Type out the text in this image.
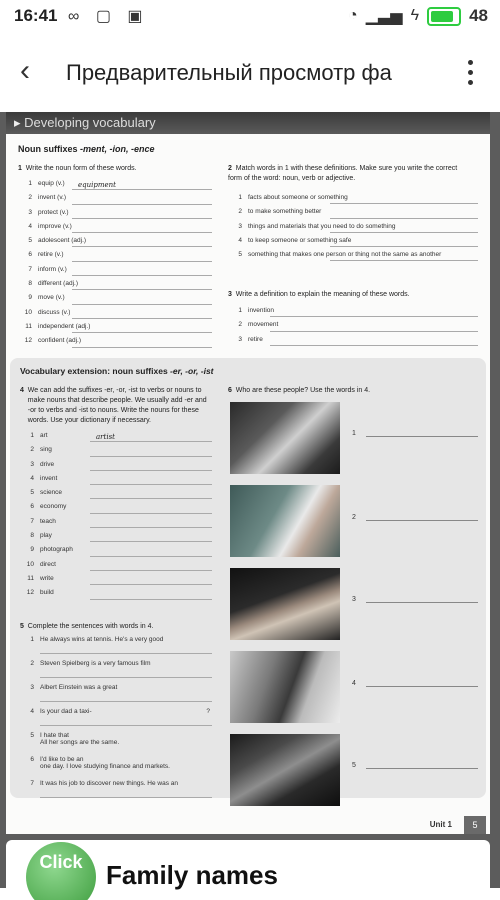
16:41 ∞ ▢ ▣	◔ ▁▃▅ ϟ	48
‹ Предварительный просмотр фа
▸ Developing vocabulary
Noun suffixes -ment, -ion, -ence
1 Write the noun form of these words.
1 equip (v.) equipment
2 invent (v.)
3 protect (v.)
4 improve (v.)
5 adolescent (adj.)
6 retire (v.)
7 inform (v.)
8 different (adj.)
9 move (v.)
10 discuss (v.)
11 independent (adj.)
12 confident (adj.)
2 Match words in 1 with these definitions. Make sure you write the correct form of the word: noun, verb or adjective.
1 facts about someone or something
2 to make something better
3 things and materials that you need to do something
4 to keep someone or something safe
5 something that makes one person or thing not the same as another
3 Write a definition to explain the meaning of these words.
1 invention
2 movement
3 retire
Vocabulary extension: noun suffixes -er, -or, -ist
4 We can add the suffixes -er, -or, -ist to verbs or nouns to make nouns that describe people. We usually add -er and -or to verbs and -ist to nouns. Write the nouns for these words. Use your dictionary if necessary.
1 art	artist
2 sing
3 drive
4 invent
5 science
6 economy
7 teach
8 play
9 photograph
10 direct
11 write
12 build
5 Complete the sentences with words in 4.
1 He always wins at tennis. He's a very good
2 Steven Spielberg is a very famous film
3 Albert Einstein was a great
4 Is your dad a taxi-	?
5 I hate that
All her songs are the same.
6 I'd like to be an
one day. I love studying finance and markets.
7 It was his job to discover new things. He was an
6 Who are these people? Use the words in 4.
1
2
3
4
5
Unit 1	5
Click Family names
